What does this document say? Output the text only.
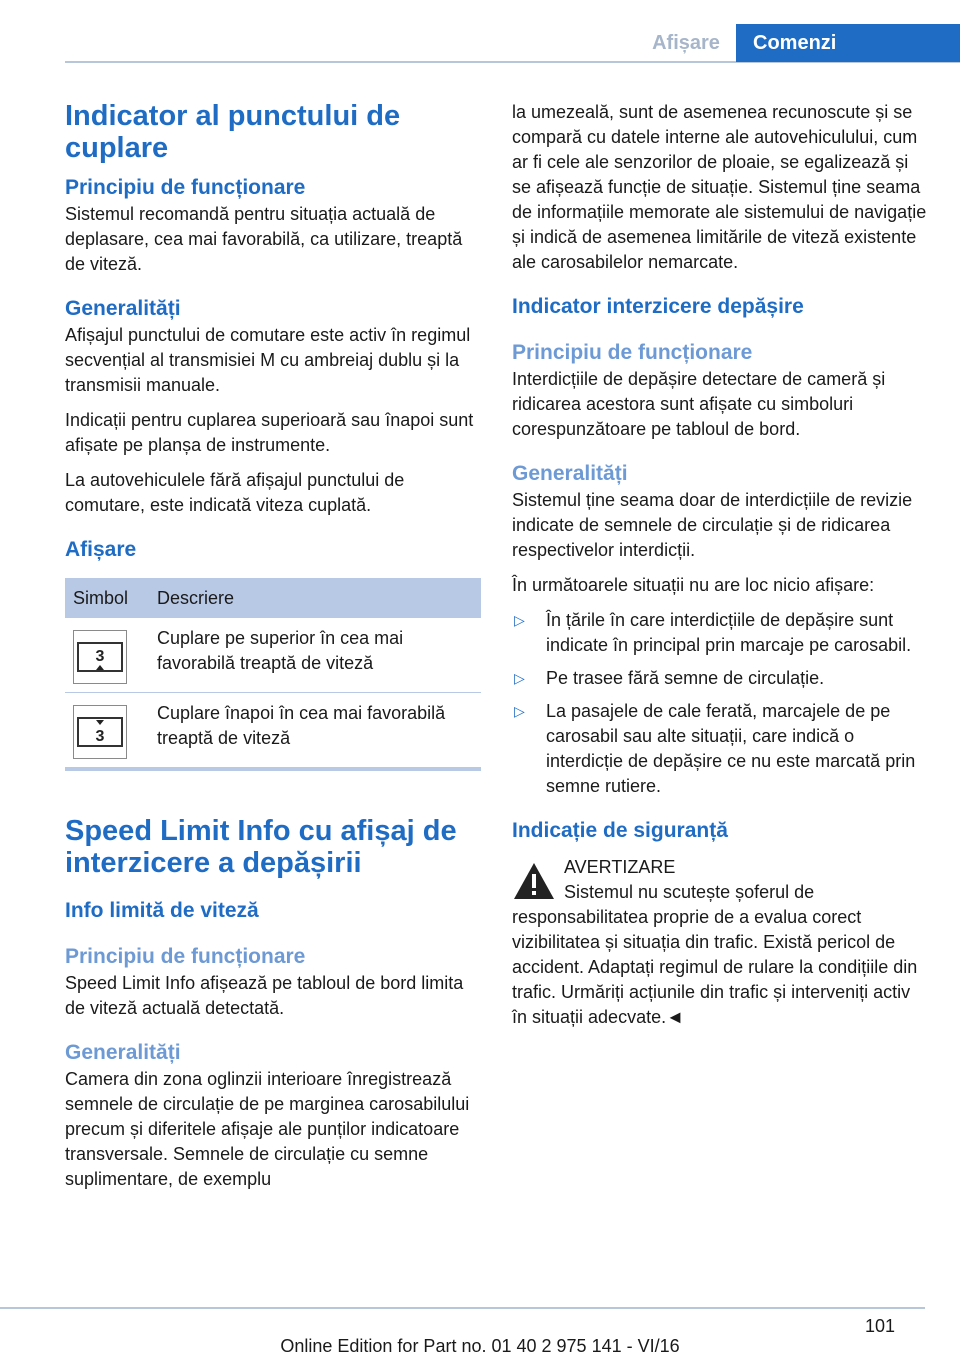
Afișare	Comenzi
Indicator al punctului de cuplare
Principiu de funcționare

Sistemul recomandă pentru situația actuală de deplasare, cea mai favorabilă, ca utilizare, treaptă de viteză.

Generalități

Afișajul punctului de comutare este activ în regimul secvențial al transmisiei M cu ambreiaj dublu și la transmisii manuale.

Indicații pentru cuplarea superioară sau înapoi sunt afișate pe planșa de instrumente.

La autovehiculele fără afișajul punctului de comutare, este indicată viteza cuplată.

Afișare
Simbol	Descriere

3	Cuplare pe superior în cea mai favorabilă treaptă de viteză

3	Cuplare înapoi în cea mai favorabilă treaptă de viteză
Speed Limit Info cu afișaj de interzicere a depășirii
Info limită de viteză
Principiu de funcționare

Speed Limit Info afișează pe tabloul de bord limita de viteză actuală detectată.

Generalități

Camera din zona oglinzii interioare înregistrează semnele de circulație de pe marginea carosabilului precum și diferitele afișaje ale punților indicatoare transversale. Semnele de circulație cu semne suplimentare, de exemplu

la umezeală, sunt de asemenea recunoscute și se compară cu datele interne ale autovehiculului, cum ar fi cele ale senzorilor de ploaie, se egalizează și se afișează funcție de situație. Sistemul ține seama de informațiile memorate ale sistemului de navigație și indică de asemenea limitările de viteză existente ale carosabilelor nemarcate.

Indicator interzicere depășire
Principiu de funcționare

Interdicțiile de depășire detectare de cameră și ridicarea acestora sunt afișate cu simboluri corespunzătoare pe tabloul de bord.

Generalități

Sistemul ține seama doar de interdicțiile de revizie indicate de semnele de circulație și de ridicarea respectivelor interdicții.

În următoarele situații nu are loc nicio afișare:

▷ În țările în care interdicțiile de depășire sunt indicate în principal prin marcaje pe carosabil.
▷ Pe trasee fără semne de circulație.
▷ La pasajele de cale ferată, marcajele de pe carosabil sau alte situații, care indică o interdicție de depășire ce nu este marcată prin semne rutiere.
Indicație de siguranță

AVERTIZARE

Sistemul nu scutește șoferul de responsabilitatea proprie de a evalua corect vizibilitatea și situația din trafic. Există pericol de accident. Adaptați regimul de rulare la condițiile din trafic. Urmăriți acțiunile din trafic și interveniți activ în situații adecvate.◄

101
Online Edition for Part no. 01 40 2 975 141 - VI/16
